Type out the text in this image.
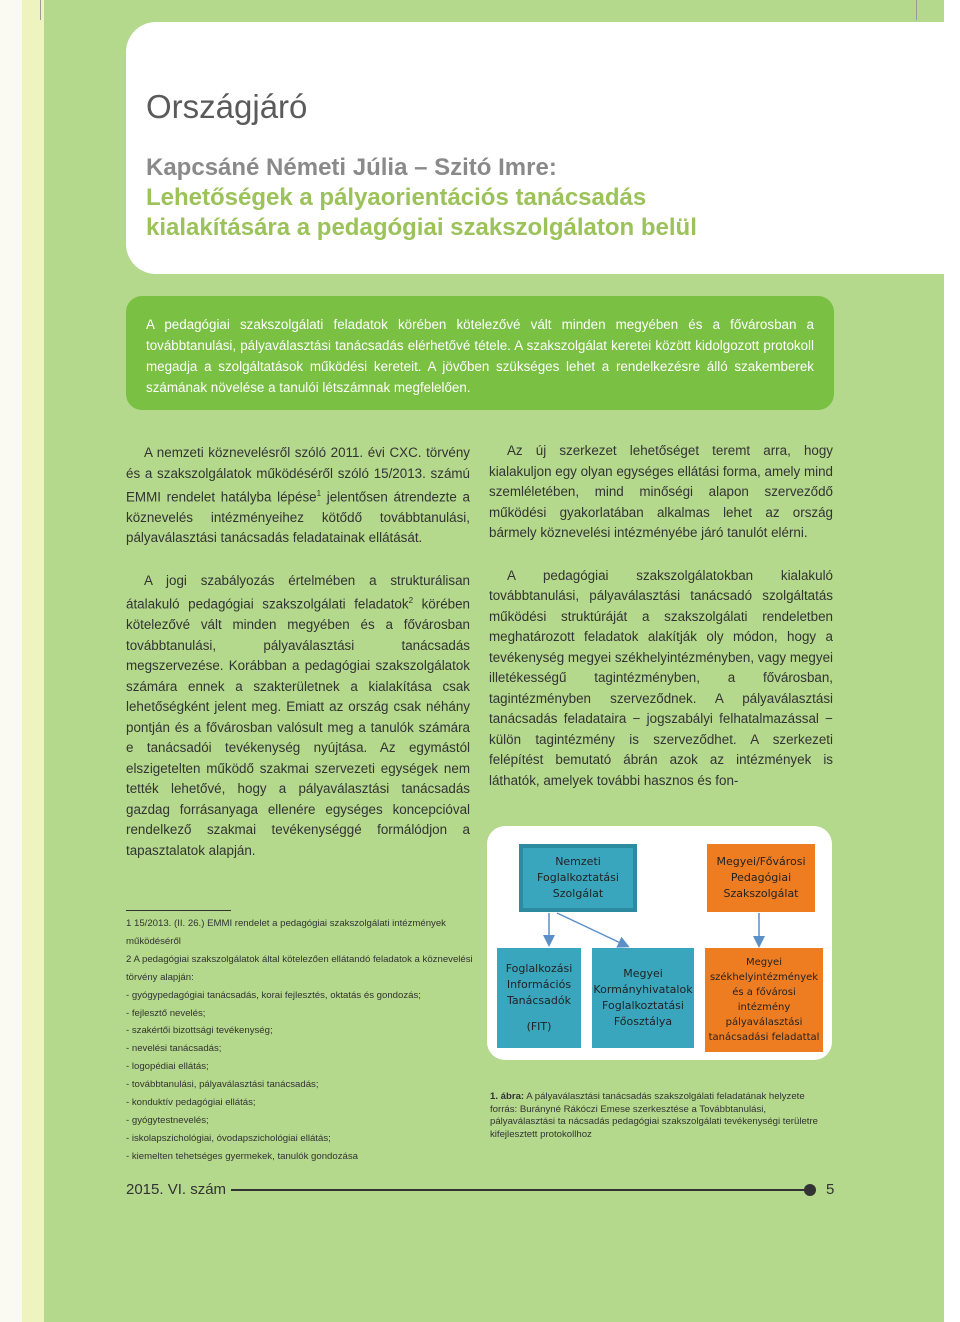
Országjáró
Kapcsáné Németi Júlia – Szitó Imre:
Lehetőségek a pályaorientációs tanácsadás
kialakítására a pedagógiai szakszolgálaton belül

A pedagógiai szakszolgálati feladatok körében kötelezővé vált minden megyében és a fővárosban a továbbtanulási, pályaválasztási tanácsadás elérhetővé tétele. A szakszolgálat keretei között kidolgozott protokoll megadja a szolgáltatások működési kereteit. A jövőben szükséges lehet a rendelkezésre álló szakemberek számának növelése a tanulói létszámnak megfelelően.

A nemzeti köznevelésről szóló 2011. évi CXC. törvény és a szakszolgálatok működéséről szóló 15/2013. számú EMMI rendelet hatályba lépése$^1$ jelentősen átrendezte a köznevelés intézményeihez kötődő továbbtanulási, pályaválasztási tanácsadás feladatainak ellátását.

A jogi szabályozás értelmében a strukturálisan átalakuló pedagógiai szakszolgálati feladatok$^2$ körében kötelezővé vált minden megyében és a fővárosban továbbtanulási, pályaválasztási tanácsadás megszervezése. Korábban a pedagógiai szakszolgálatok számára ennek a szakterületnek a kialakítása csak lehetőségként jelent meg. Emiatt az ország csak néhány pontján és a fővárosban valósult meg a tanulók számára e tanácsadói tevékenység nyújtása. Az egymástól elszigetelten működő szakmai szervezeti egységek nem tették lehetővé, hogy a pályaválasztási tanácsadás gazdag forrásanyaga ellenére egységes koncepcióval rendelkező szakmai tevékenységgé formálódjon a tapasztalatok alapján.

Az új szerkezet lehetőséget teremt arra, hogy kialakuljon egy olyan egységes ellátási forma, amely mind szemléletében, mind minőségi alapon szerveződő működési gyakorlatában alkalmas lehet az ország bármely köznevelési intézményébe járó tanulót elérni.

A pedagógiai szakszolgálatokban kialakuló továbbtanulási, pályaválasztási tanácsadó szolgáltatás működési struktúráját a szakszolgálati rendeletben meghatározott feladatok alakítják oly módon, hogy a tevékenység megyei székhelyintézményben, vagy megyei illetékességű tagintézményben, a fővárosban, tagintézményben szerveződnek. A pályaválasztási tanácsadás feladataira − jogszabályi felhatalmazással − külön tagintézmény is szerveződhet. A szerkezeti felépítést bemutató ábrán azok az intézmények is láthatók, amelyek további hasznos és fon-

1 15/2013. (II. 26.) EMMI rendelet a pedagógiai szakszolgálati intézmények működéséről
2 A pedagógiai szakszolgálatok által kötelezően ellátandó feladatok a köznevelési törvény alapján:
- gyógypedagógiai tanácsadás, korai fejlesztés, oktatás és gondozás;
- fejlesztő nevelés;
- szakértői bizottsági tevékenység;
- nevelési tanácsadás;
- logopédiai ellátás;
- továbbtanulási, pályaválasztási tanácsadás;
- konduktív pedagógiai ellátás;
- gyógytestnevelés;
- iskolapszichológiai, óvodapszichológiai ellátás;
- kiemelten tehetséges gyermekek, tanulók gondozása
Nemzeti
Foglalkoztatási
Szolgálat
Megyei/Fővárosi
Pedagógiai
Szakszolgálat
Foglalkozási
Információs
Tanácsadók
(FIT)
Megyei
Kormányhivatalok
Foglalkoztatási
Főosztálya
Megyei
székhelyintézmények
és a fővárosi
intézmény
pályaválasztási
tanácsadási feladattal
1. ábra: A pályaválasztási tanácsadás szakszolgálati feladatának helyzete
forrás: Burányné Rákóczi Emese szerkesztése a Továbbtanulási, pályaválasztási ta nácsadás pedagógiai szakszolgálati tevékenységi területre kifejlesztett protokollhoz
2015. VI. szám	5
